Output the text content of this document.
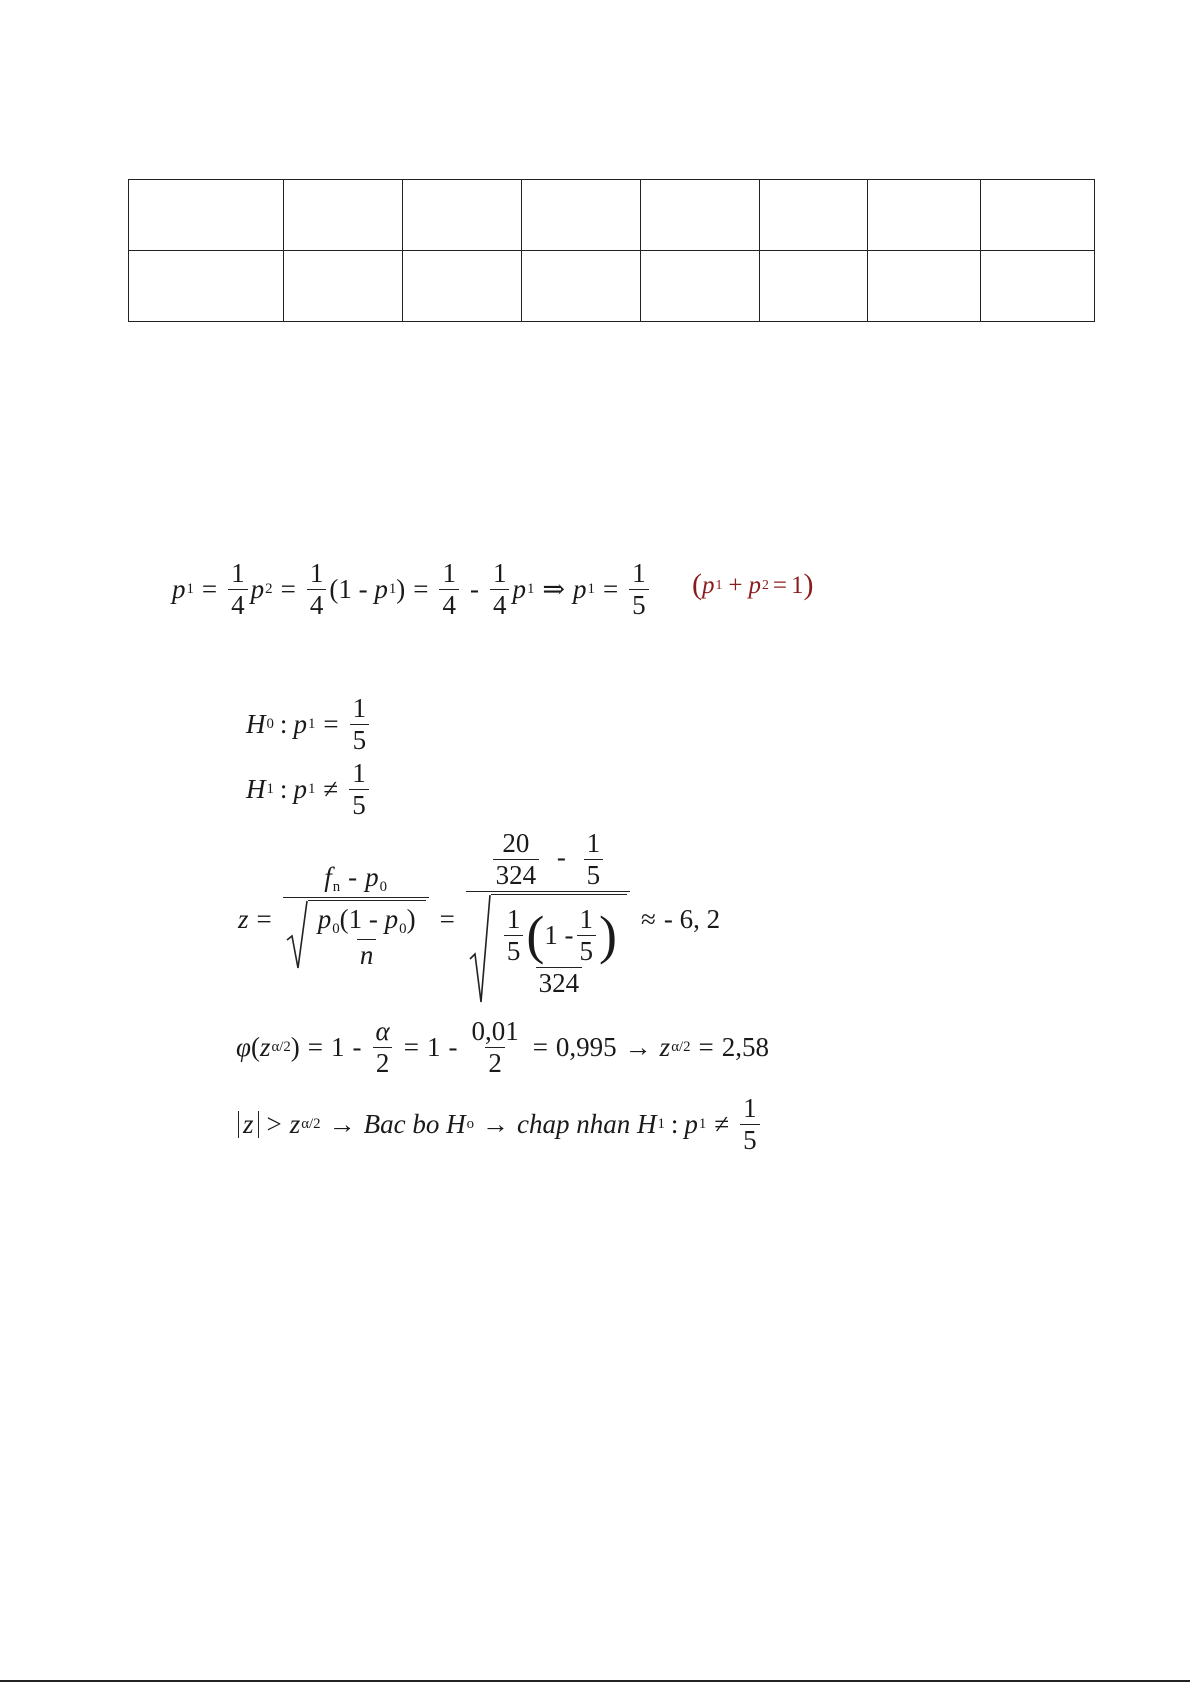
p $1 = \frac{1}{4}$ p $2 = \frac{1}{4}$ ( 1 -
p 1 ) = $\frac{1}{4} - \frac{1}{4}$ p 1 ⇒ p $1 = \frac{1}{5}$ ( p 1 + p 2 = 1 )
H 0 : p $1 = \frac{1}{5}$
H 1 : p $1 \ne \frac{1}{5}$
$z = \frac{f_n - p_0}{\frac{p_0(1 - p_0)}{n}}$ =
$\frac{20}{324} - \frac{1}{5}$
$\frac{1}{5}$ ( $1 - \frac{1}{5}$ )
324
≈ - 6, 2
φ ( z α/2 ) = $1 - \frac{\alpha}{2} = 1 - \frac{0,01}{2} = 0,995 \to z$ α/2 = 2,58
z > z α/2 → Bac bo
H o → chap nhan
H 1 : p $1 \ne \frac{1}{5}$
